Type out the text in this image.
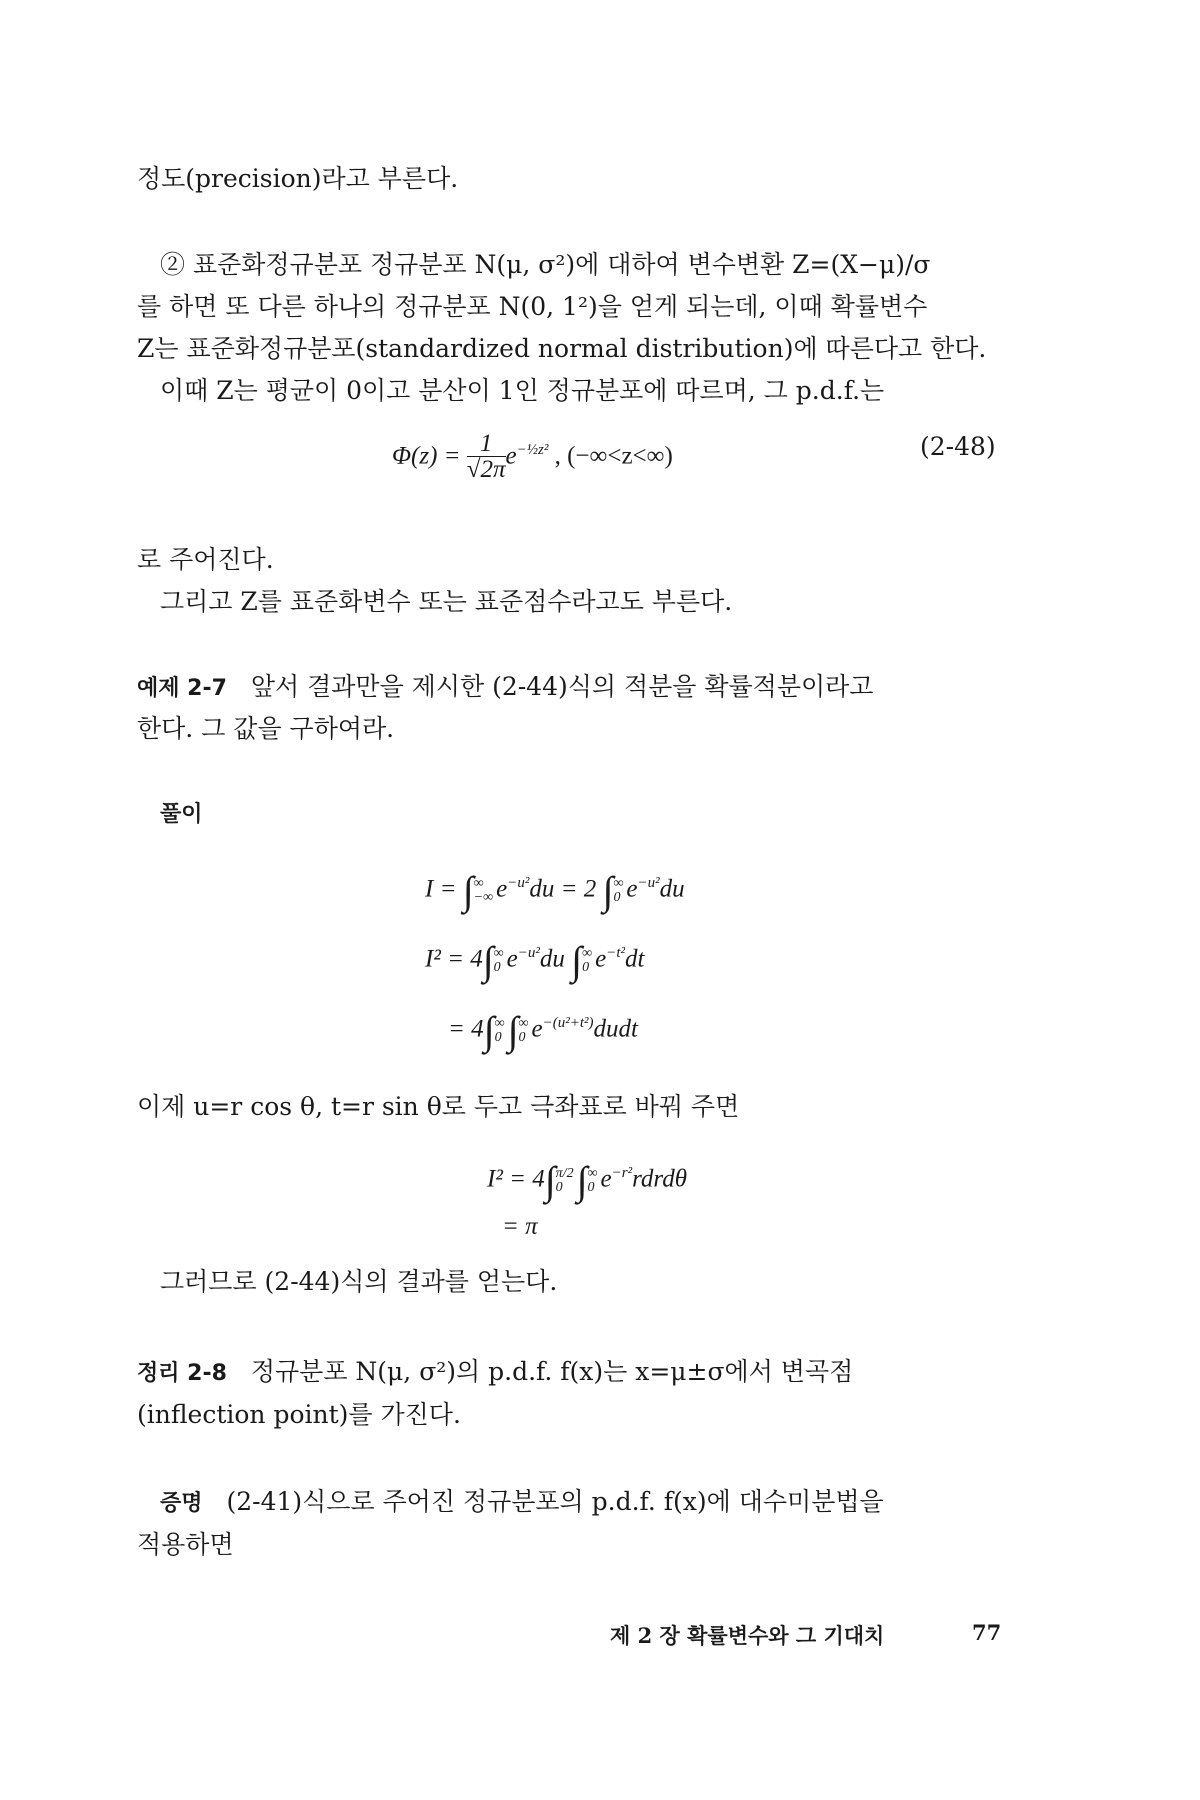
정도(precision)라고 부른다.
② 표준화정규분포 정규분포 N(μ, σ²)에 대하여 변수변환 Z=(X−μ)/σ
를 하면 또 다른 하나의 정규분포 N(0, 1²)을 얻게 되는데, 이때 확률변수
Z는 표준화정규분포(standardized normal distribution)에 따른다고 한다.
이때 Z는 평균이 0이고 분산이 1인 정규분포에 따르며, 그 p.d.f.는
$\Phi(z) = \frac{1}{√2\pi} e^{-\frac{1}{2}z^2}$ , (−∞<z<∞)	(2-48)
로 주어진다.
그리고 Z를 표준화변수 또는 표준점수라고도 부른다.
예제 2-7 앞서 결과만을 제시한 (2-44)식의 적분을 확률적분이라고
한다. 그 값을 구하여라.
풀이
I = ∫ ∞
−∞ $e^{-u^2}du = 2$ ∫ ∞
0 $e^{-u^2}du$
I² = 4∫ ∞
0 $e^{-u^2}du$ ∫ ∞
0 $e^{-t^2}dt$
= 4∫ ∞
0 ∫ ∞
0 $e^{-(u^2+t^2)}dudt$
이제 u=r cos θ, t=r sin θ로 두고 극좌표로 바꿔 주면
I² = 4∫ π/2
0 ∫ ∞
0 $e^{-r^2}rdrd\theta$
= π
그러므로 (2-44)식의 결과를 얻는다.
정리 2-8 정규분포 N(μ, σ²)의 p.d.f. f(x)는 x=μ±σ에서 변곡점
(inflection point)를 가진다.
증명 (2-41)식으로 주어진 정규분포의 p.d.f. f(x)에 대수미분법을
적용하면
제 2 장 확률변수와 그 기대치	77
